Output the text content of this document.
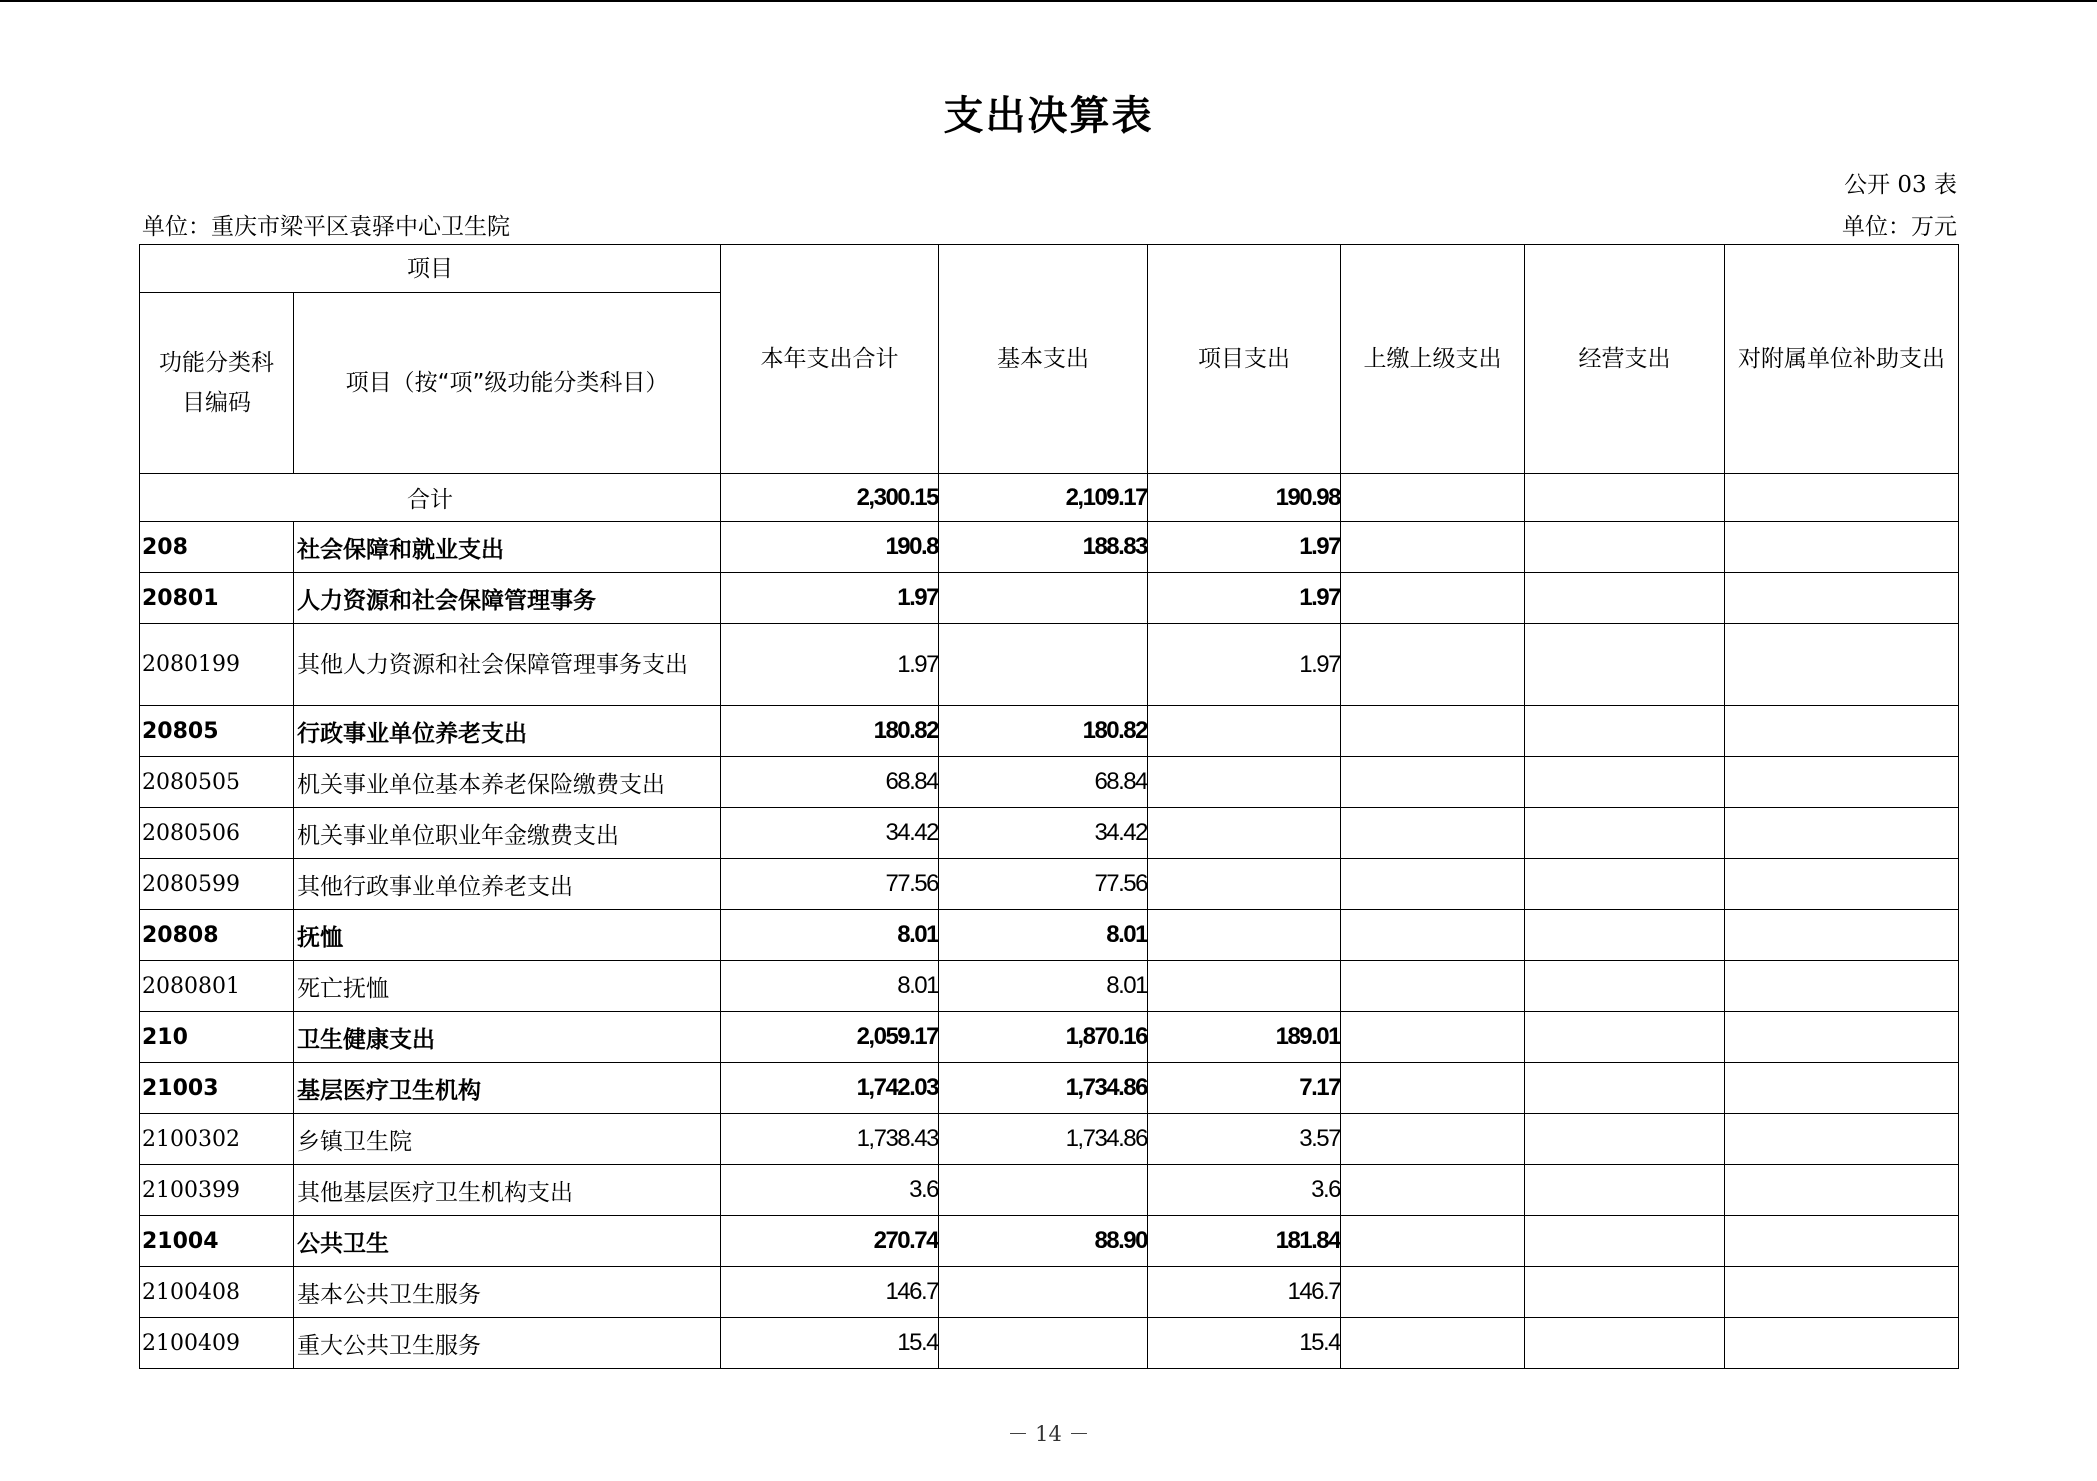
支出决算表
公开 03 表
单位：重庆市梁平区袁驿中心卫生院	单位：万元
项目		本年支出合计	基本支出	项目支出	上缴上级支出	经营支出	对附属单位补助支出
功能分类科目编码	项目（按“项”级功能分类科目）						
合计		2,300.15	2,109.17	190.98			
208	社会保障和就业支出	190.8	188.83	1.97			
20801	人力资源和社会保障管理事务	1.97		1.97			
2080199	其他人力资源和社会保障管理事务支出	1.97		1.97			
20805	行政事业单位养老支出	180.82	180.82				
2080505	机关事业单位基本养老保险缴费支出	68.84	68.84				
2080506	机关事业单位职业年金缴费支出	34.42	34.42				
2080599	其他行政事业单位养老支出	77.56	77.56				
20808	抚恤	8.01	8.01				
2080801	死亡抚恤	8.01	8.01				
210	卫生健康支出	2,059.17	1,870.16	189.01			
21003	基层医疗卫生机构	1,742.03	1,734.86	7.17			
2100302	乡镇卫生院	1,738.43	1,734.86	3.57			
2100399	其他基层医疗卫生机构支出	3.6		3.6			
21004	公共卫生	270.74	88.90	181.84			
2100408	基本公共卫生服务	146.7		146.7			
2100409	重大公共卫生服务	15.4		15.4			
－ 14 －
